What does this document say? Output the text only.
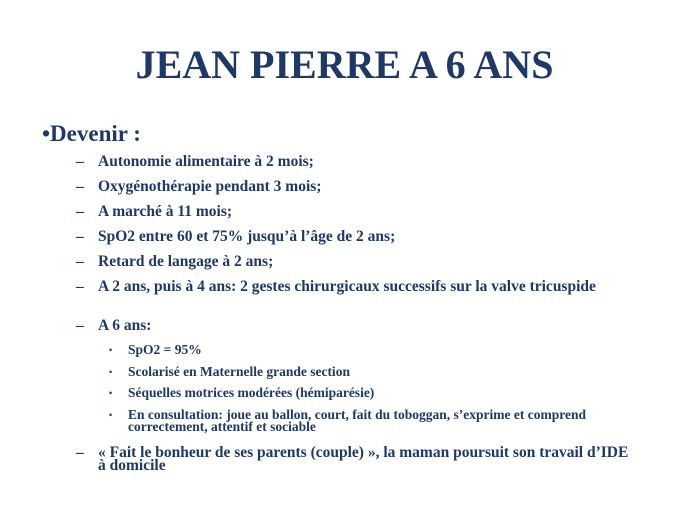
JEAN PIERRE A 6 ANS
•Devenir :
– Autonomie alimentaire à 2 mois;
– Oxygénothérapie pendant 3 mois;
– A marché à 11 mois;
– SpO2 entre 60 et 75% jusqu’à l’âge de 2 ans;
– Retard de langage à 2 ans;
– A 2 ans, puis à 4 ans: 2 gestes chirurgicaux successifs sur la valve tricuspide
– A 6 ans:
• SpO2 = 95%
• Scolarisé en Maternelle grande section
• Séquelles motrices modérées (hémiparésie)
• En consultation: joue au ballon, court, fait du toboggan, s’exprime et comprend correctement, attentif et sociable
– « Fait le bonheur de ses parents (couple) », la maman poursuit son travail d’IDE à domicile
